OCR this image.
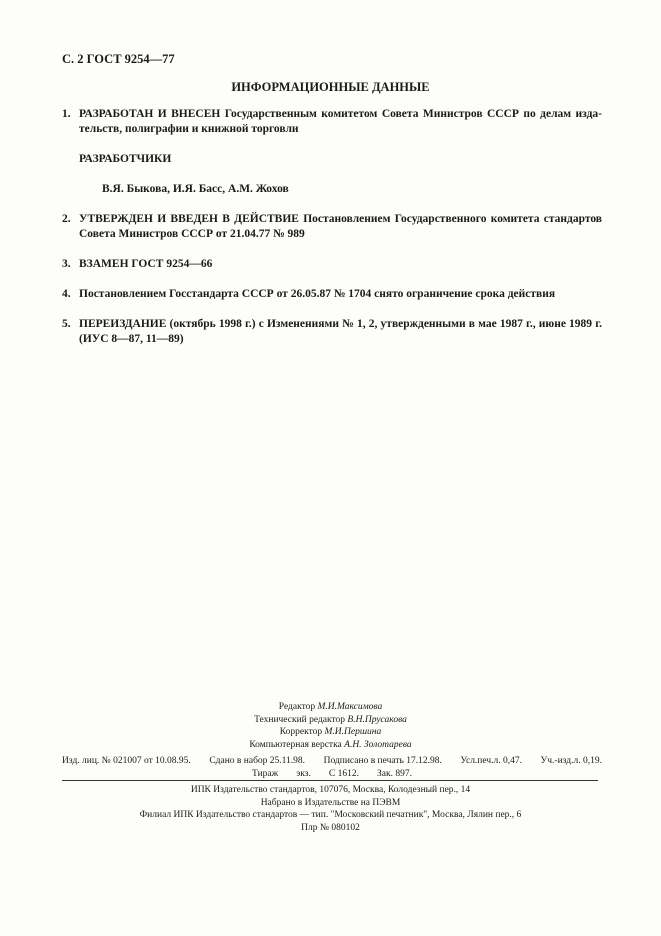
С. 2 ГОСТ 9254—77
ИНФОРМАЦИОННЫЕ ДАННЫЕ
1. РАЗРАБОТАН И ВНЕСЕН Государственным комитетом Совета Министров СССР по делам издательств, полиграфии и книжной торговли
РАЗРАБОТЧИКИ
В.Я. Быкова, И.Я. Басс, А.М. Жохов
2. УТВЕРЖДЕН И ВВЕДЕН В ДЕЙСТВИЕ Постановлением Государственного комитета стандартов Совета Министров СССР от 21.04.77 № 989
3. ВЗАМЕН ГОСТ 9254—66
4. Постановлением Госстандарта СССР от 26.05.87 № 1704 снято ограничение срока действия
5. ПЕРЕИЗДАНИЕ (октябрь 1998 г.) с Изменениями № 1, 2, утвержденными в мае 1987 г., июне 1989 г. (ИУС 8—87, 11—89)
Редактор М.И.Максимова
Технический редактор В.Н.Прусакова
Корректор М.И.Першина
Компьютерная верстка А.Н. Золотарева
Изд. лиц. № 021007 от 10.08.95. Сдано в набор 25.11.98. Подписано в печать 17.12.98. Усл.печ.л. 0,47. Уч.-изд.л. 0,19.
Тираж экз. С 1612. Зак. 897.
ИПК Издательство стандартов, 107076, Москва, Колодезный пер., 14
Набрано в Издательстве на ПЭВМ
Филиал ИПК Издательство стандартов — тип. "Московский печатник", Москва, Лялин пер., 6
Плр № 080102
